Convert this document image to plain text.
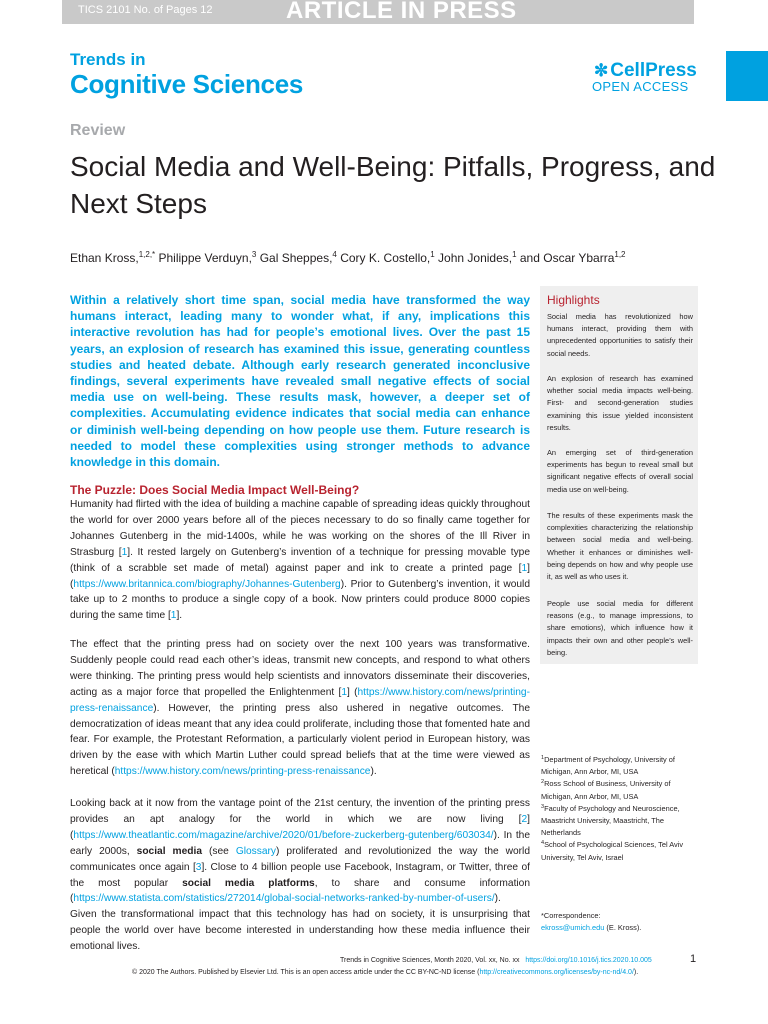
TICS 2101 No. of Pages 12	ARTICLE IN PRESS
Trends in
Cognitive Sciences	✼ CellPress
OPEN ACCESS
Review
Social Media and Well-Being: Pitfalls, Progress, and Next Steps
Ethan Kross,$^{1,2,*}$ Philippe Verduyn,$^3$ Gal Sheppes,$^4$ Cory K. Costello,$^1$ John Jonides,$^1$ and Oscar Ybarra$^{1,2}$

Within a relatively short time span, social media have transformed the way humans interact, leading many to wonder what, if any, implications this interactive revolution has had for people’s emotional lives. Over the past 15 years, an explosion of research has examined this issue, generating countless studies and heated debate. Although early research generated inconclusive findings, several experiments have revealed small negative effects of social media use on well-being. These results mask, however, a deeper set of complexities. Accumulating evidence indicates that social media can enhance or diminish well-being depending on how people use them. Future research is needed to model these complexities using stronger methods to advance knowledge in this domain.

The Puzzle: Does Social Media Impact Well-Being?

Humanity had flirted with the idea of building a machine capable of spreading ideas quickly throughout the world for over 2000 years before all of the pieces necessary to do so finally came together for Johannes Gutenberg in the mid-1400s, while he was working on the shores of the Ill River in Strasburg [1]. It rested largely on Gutenberg’s invention of a technique for pressing movable type (think of a scrabble set made of metal) against paper and ink to create a printed page [1] (https://www.britannica.com/biography/Johannes-Gutenberg). Prior to Gutenberg’s invention, it would take up to 2 months to produce a single copy of a book. Now printers could produce 8000 copies during the same time [1].

The effect that the printing press had on society over the next 100 years was transformative. Suddenly people could read each other’s ideas, transmit new concepts, and respond to what others were thinking. The printing press would help scientists and innovators disseminate their discoveries, acting as a major force that propelled the Enlightenment [1] (https://www.history.com/news/printing-press-renaissance). However, the printing press also ushered in negative outcomes. The democratization of ideas meant that any idea could proliferate, including those that fomented hate and fear. For example, the Protestant Reformation, a particularly violent period in European history, was driven by the ease with which Martin Luther could spread beliefs that at the time were viewed as heretical (https://www.history.com/news/printing-press-renaissance).

Looking back at it now from the vantage point of the 21st century, the invention of the printing press provides an apt analogy for the world in which we are now living [2] (https://www.theatlantic.com/magazine/archive/2020/01/before-zuckerberg-gutenberg/603034/). In the early 2000s, social media (see Glossary) proliferated and revolutionized the way the world communicates once again [3]. Close to 4 billion people use Facebook, Instagram, or Twitter, three of the most popular social media platforms, to share and consume information (https://www.statista.com/statistics/272014/global-social-networks-ranked-by-number-of-users/). Given the transformational impact that this technology has had on society, it is unsurprising that people the world over have become interested in understanding how these media influence their emotional lives.

Highlights

Social media has revolutionized how humans interact, providing them with unprecedented opportunities to satisfy their social needs.

An explosion of research has examined whether social media impacts well-being. First- and second-generation studies examining this issue yielded inconsistent results.

An emerging set of third-generation experiments has begun to reveal small but significant negative effects of overall social media use on well-being.

The results of these experiments mask the complexities characterizing the relationship between social media and well-being. Whether it enhances or diminishes well-being depends on how and why people use it, as well as who uses it.

People use social media for different reasons (e.g., to manage impressions, to share emotions), which influence how it impacts their own and other people’s well-being.

$^1$Department of Psychology, University of Michigan, Ann Arbor, MI, USA

$^2$Ross School of Business, University of Michigan, Ann Arbor, MI, USA

$^3$Faculty of Psychology and Neuroscience, Maastricht University, Maastricht, The Netherlands

$^4$School of Psychological Sciences, Tel Aviv University, Tel Aviv, Israel

*Correspondence:

ekross@umich.edu (E. Kross).

Trends in Cognitive Sciences, Month 2020, Vol. xx, No. xx https://doi.org/10.1016/j.tics.2020.10.005	1
© 2020 The Authors. Published by Elsevier Ltd. This is an open access article under the CC BY-NC-ND license (http://creativecommons.org/licenses/by-nc-nd/4.0/).
